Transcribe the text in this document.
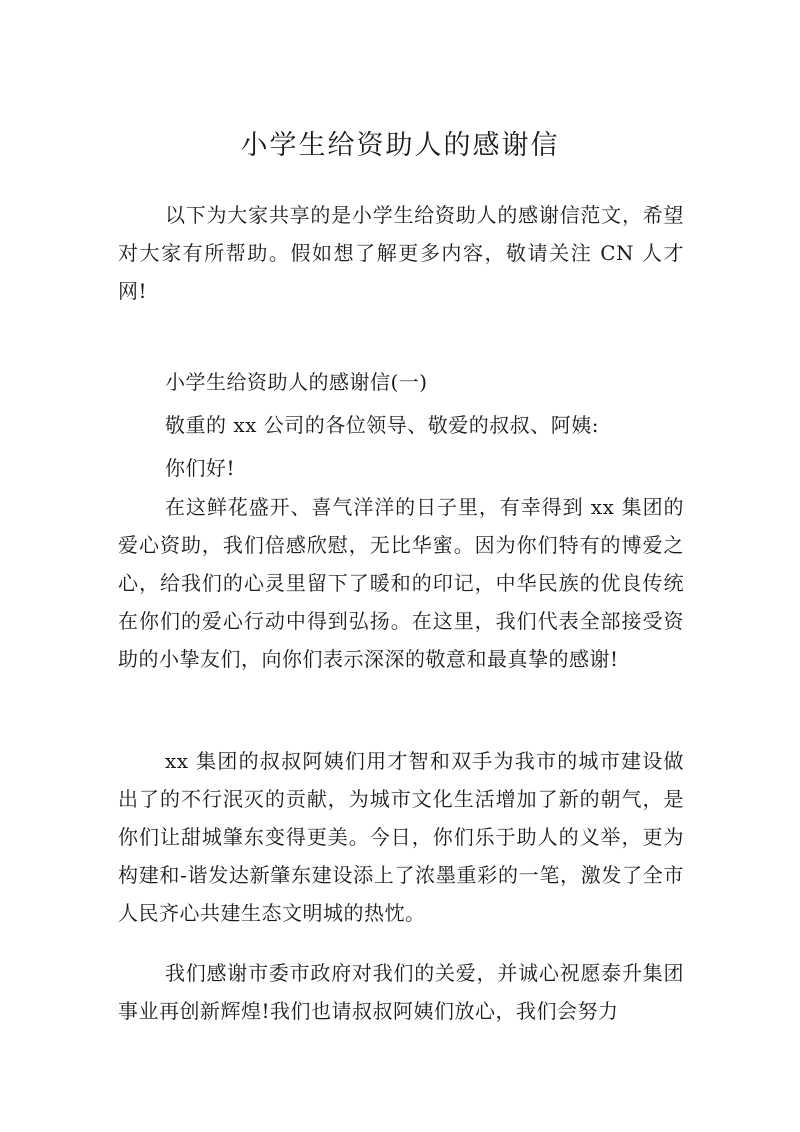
小学生给资助人的感谢信

以下为大家共享的是小学生给资助人的感谢信范文，希望对大家有所帮助。假如想了解更多内容，敬请关注 CN 人才网!

小学生给资助人的感谢信(一)

敬重的 xx 公司的各位领导、敬爱的叔叔、阿姨:

你们好!

在这鲜花盛开、喜气洋洋的日子里，有幸得到 xx 集团的爱心资助，我们倍感欣慰，无比华蜜。因为你们特有的博爱之心，给我们的心灵里留下了暖和的印记，中华民族的优良传统在你们的爱心行动中得到弘扬。在这里，我们代表全部接受资助的小挚友们，向你们表示深深的敬意和最真挚的感谢!

xx 集团的叔叔阿姨们用才智和双手为我市的城市建设做出了的不行泯灭的贡献，为城市文化生活增加了新的朝气，是你们让甜城肇东变得更美。今日，你们乐于助人的义举，更为构建和-谐发达新肇东建设添上了浓墨重彩的一笔，激发了全市人民齐心共建生态文明城的热忱。

我们感谢市委市政府对我们的关爱，并诚心祝愿泰升集团事业再创新辉煌!我们也请叔叔阿姨们放心，我们会努力
